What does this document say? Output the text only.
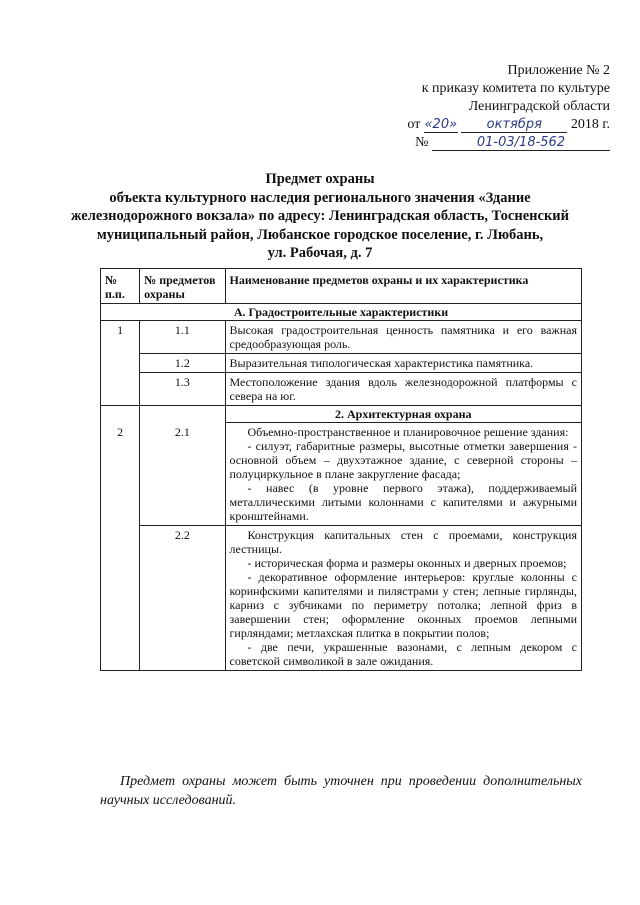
Приложение № 2
к приказу комитета по культуре
Ленинградской области
от «20» октября 2018 г.
№	01-03/18-562
Предмет охраны
объекта культурного наследия регионального значения «Здание
железнодорожного вокзала» по адресу: Ленинградская область, Тосненский
муниципальный район, Любанское городское поселение, г. Любань,
ул. Рабочая, д. 7
№ п.п.	№ предметов охраны	Наименование предметов охраны и их характеристика
А. Градостроительные характеристики		
1	1.1	Высокая градостроительная ценность памятника и его важная средообразующая роль.
	1.2	Выразительная типологическая характеристика памятника.
	1.3	Местоположение здания вдоль железнодорожной платформы с севера на юг.
		2. Архитектурная охрана
2	2.1	Объемно-пространственное и планировочное решение здания:
- силуэт, габаритные размеры, высотные отметки завершения - основной объем – двухэтажное здание, с северной стороны – полуциркульное в плане закругление фасада;
- навес (в уровне первого этажа), поддерживаемый металлическими литыми колоннами с капителями и ажурными кронштейнами.

	2.2	Конструкция капитальных стен с проемами, конструкция лестницы.
- историческая форма и размеры оконных и дверных проемов;
- декоративное оформление интерьеров: круглые колонны с коринфскими капителями и пилястрами у стен; лепные гирлянды, карниз с зубчиками по периметру потолка; лепной фриз в завершении стен; оформление оконных проемов лепными гирляндами; метлахская плитка в покрытии полов;
- две печи, украшенные вазонами, с лепным декором с советской символикой в зале ожидания.
Предмет охраны может быть уточнен при проведении дополнительных научных исследований.
